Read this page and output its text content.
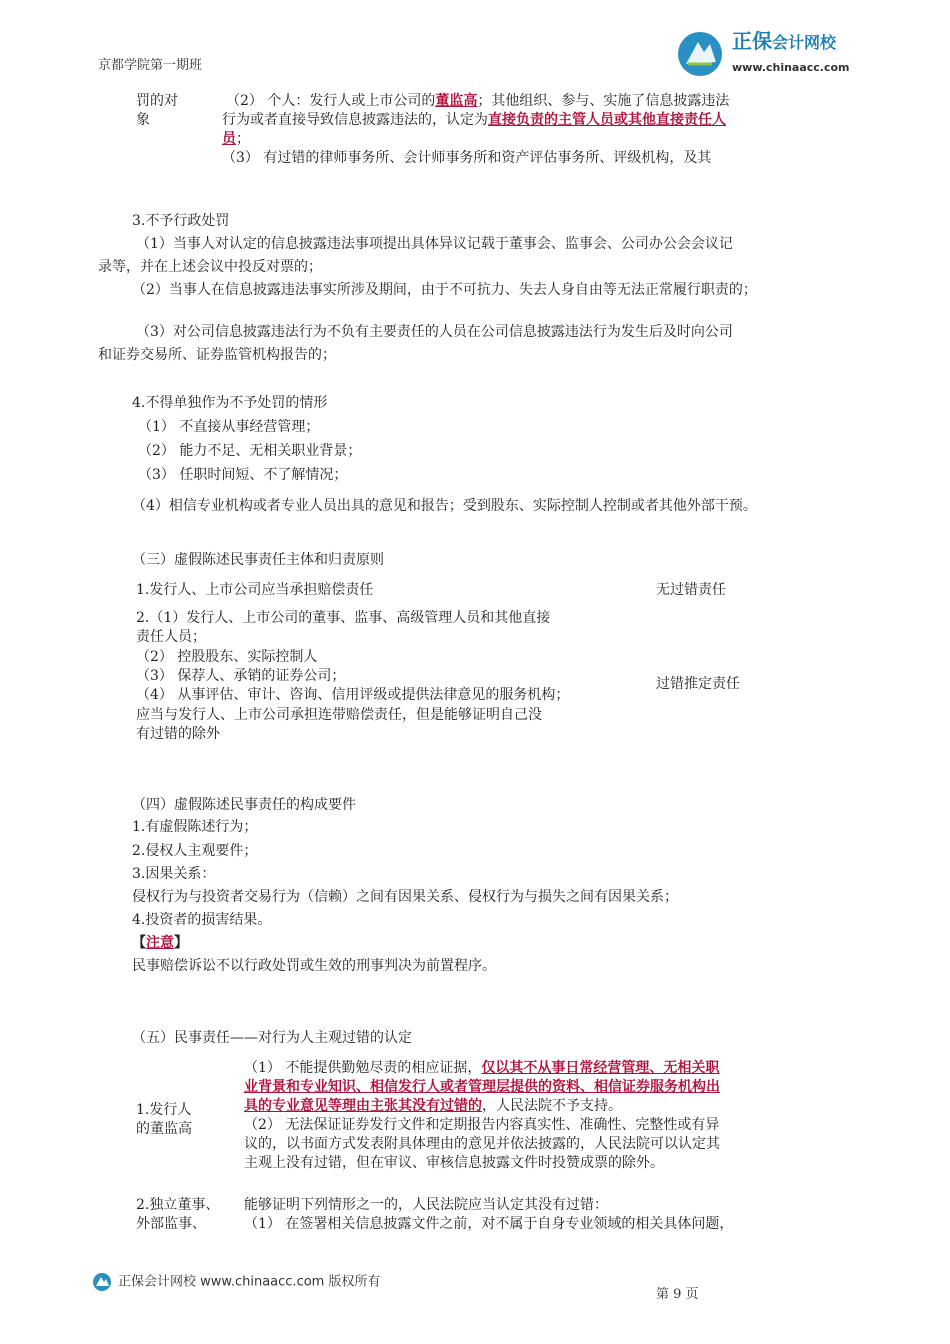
京都学院第一期班
正保会计网校
www.chinaacc.com
罚的对
象
（2） 个人：发行人或上市公司的董监高；其他组织、参与、实施了信息披露违法
行为或者直接导致信息披露违法的，认定为直接负责的主管人员或其他直接责任人
员；
（3） 有过错的律师事务所、会计师事务所和资产评估事务所、评级机构，及其
3.不予行政处罚
（1）当事人对认定的信息披露违法事项提出具体异议记载于董事会、监事会、公司办公会会议记
录等，并在上述会议中投反对票的；
（2）当事人在信息披露违法事实所涉及期间，由于不可抗力、失去人身自由等无法正常履行职责的；
（3）对公司信息披露违法行为不负有主要责任的人员在公司信息披露违法行为发生后及时向公司
和证券交易所、证券监管机构报告的；
4.不得单独作为不予处罚的情形
（1） 不直接从事经营管理；
（2） 能力不足、无相关职业背景；
（3） 任职时间短、不了解情况；
（4）相信专业机构或者专业人员出具的意见和报告；受到股东、实际控制人控制或者其他外部干预。
（三）虚假陈述民事责任主体和归责原则
1.发行人、上市公司应当承担赔偿责任	无过错责任
2.（1）发行人、上市公司的董事、监事、高级管理人员和其他直接
责任人员；
（2） 控股股东、实际控制人
（3） 保荐人、承销的证券公司；
（4） 从事评估、审计、咨询、信用评级或提供法律意见的服务机构；
应当与发行人、上市公司承担连带赔偿责任，但是能够证明自己没
有过错的除外
过错推定责任
（四）虚假陈述民事责任的构成要件
1.有虚假陈述行为；
2.侵权人主观要件；
3.因果关系：
侵权行为与投资者交易行为（信赖）之间有因果关系、侵权行为与损失之间有因果关系；
4.投资者的损害结果。
【注意】
民事赔偿诉讼不以行政处罚或生效的刑事判决为前置程序。
（五）民事责任——对行为人主观过错的认定
1.发行人
的董监高
（1） 不能提供勤勉尽责的相应证据，仅以其不从事日常经营管理、无相关职
业背景和专业知识、相信发行人或者管理层提供的资料、相信证券服务机构出
具的专业意见等理由主张其没有过错的，人民法院不予支持。
（2） 无法保证证券发行文件和定期报告内容真实性、准确性、完整性或有异
议的，以书面方式发表附具体理由的意见并依法披露的，人民法院可以认定其
主观上没有过错，但在审议、审核信息披露文件时投赞成票的除外。
2.独立董事、
外部监事、
能够证明下列情形之一的，人民法院应当认定其没有过错：
（1） 在签署相关信息披露文件之前，对不属于自身专业领域的相关具体问题，
正保会计网校 www.chinaacc.com 版权所有
第 9 页
